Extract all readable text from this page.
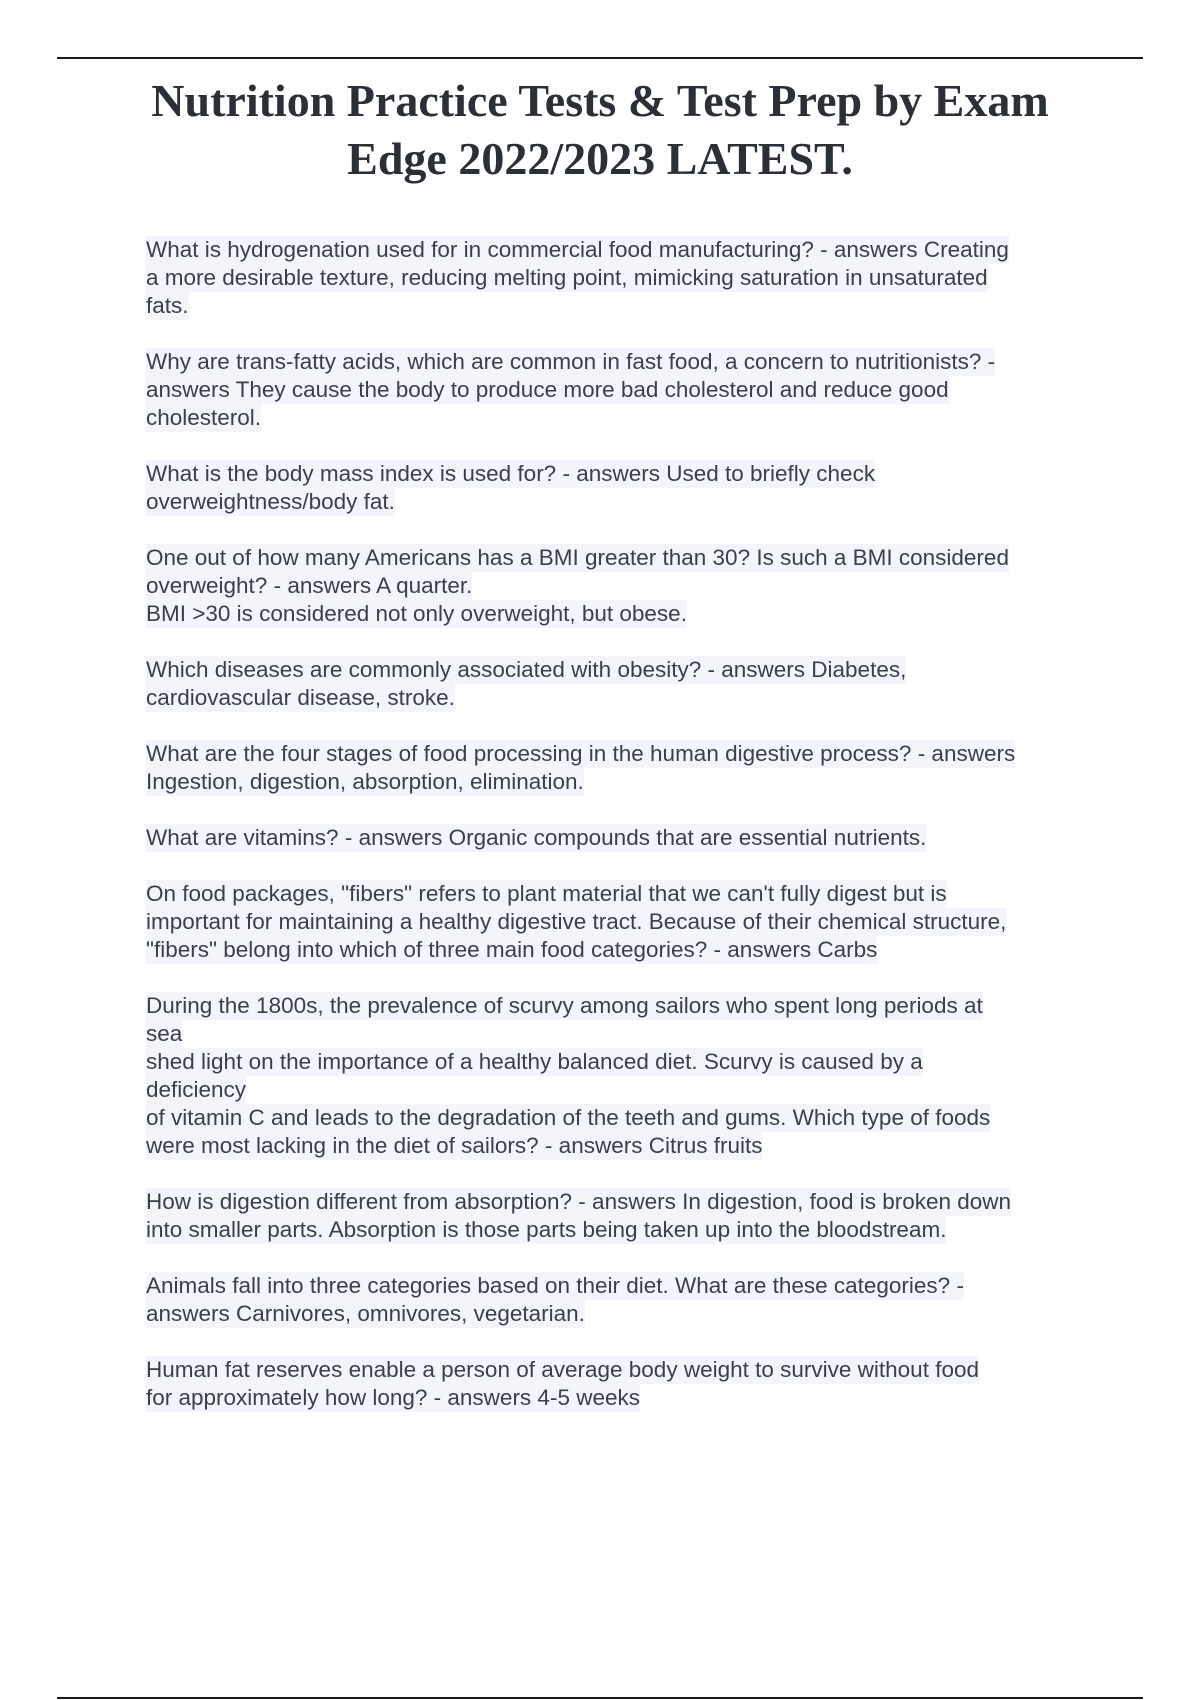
Nutrition Practice Tests & Test Prep by Exam
Edge 2022/2023 LATEST.

What is hydrogenation used for in commercial food manufacturing? - answers Creating
a more desirable texture, reducing melting point, mimicking saturation in unsaturated
fats.

Why are trans-fatty acids, which are common in fast food, a concern to nutritionists? -
answers They cause the body to produce more bad cholesterol and reduce good
cholesterol.

What is the body mass index is used for? - answers Used to briefly check
overweightness/body fat.

One out of how many Americans has a BMI greater than 30? Is such a BMI considered
overweight? - answers A quarter.
BMI >30 is considered not only overweight, but obese.

Which diseases are commonly associated with obesity? - answers Diabetes,
cardiovascular disease, stroke.

What are the four stages of food processing in the human digestive process? - answers
Ingestion, digestion, absorption, elimination.

What are vitamins? - answers Organic compounds that are essential nutrients.

On food packages, "fibers" refers to plant material that we can't fully digest but is
important for maintaining a healthy digestive tract. Because of their chemical structure,
"fibers" belong into which of three main food categories? - answers Carbs

During the 1800s, the prevalence of scurvy among sailors who spent long periods at
sea
shed light on the importance of a healthy balanced diet. Scurvy is caused by a
deficiency
of vitamin C and leads to the degradation of the teeth and gums. Which type of foods
were most lacking in the diet of sailors? - answers Citrus fruits

How is digestion different from absorption? - answers In digestion, food is broken down
into smaller parts. Absorption is those parts being taken up into the bloodstream.

Animals fall into three categories based on their diet. What are these categories? -
answers Carnivores, omnivores, vegetarian.

Human fat reserves enable a person of average body weight to survive without food
for approximately how long? - answers 4-5 weeks
